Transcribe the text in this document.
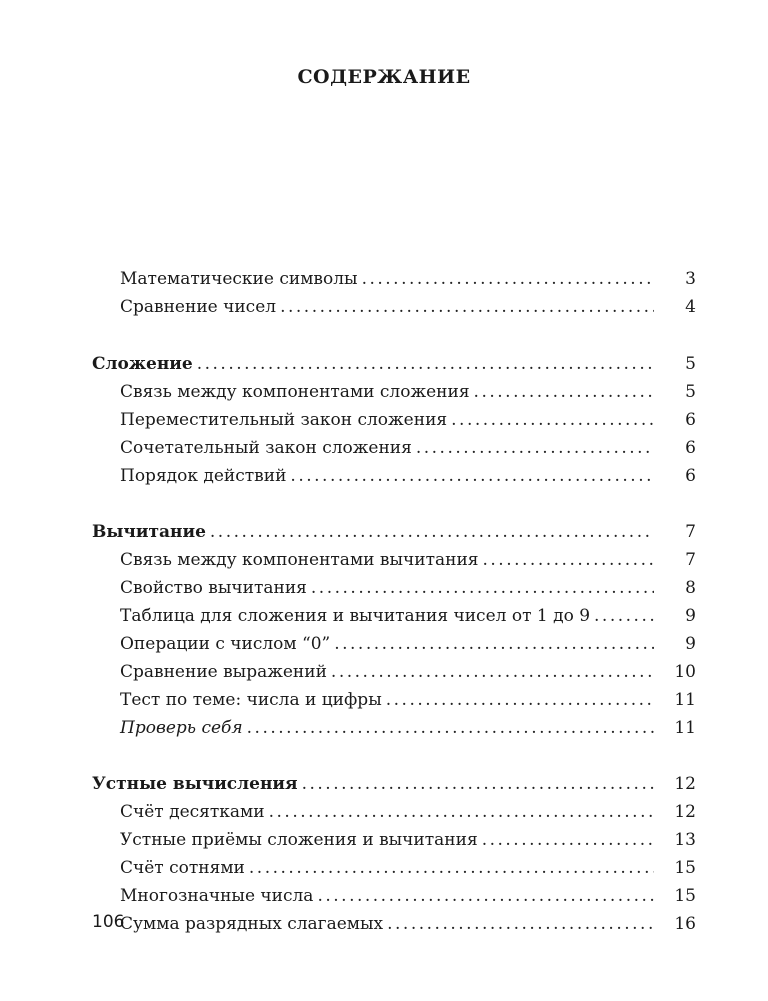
СОДЕРЖАНИЕ
Математические символы .....	3
Сравнение чисел .....	4
Сложение .....	5
Связь между компонентами сложения .....	5
Переместительный закон сложения .....	6
Сочетательный закон сложения .....	6
Порядок действий .....	6
Вычитание .....	7
Связь между компонентами вычитания .....	7
Свойство вычитания .....	8
Таблица для сложения и вычитания чисел от 1 до 9 .....	9
Операции с числом “0” .....	9
Сравнение выражений .....	10
Тест по теме: числа и цифры .....	11
Проверь себя .....	11
Устные вычисления .....	12
Счёт десятками .....	12
Устные приёмы сложения и вычитания .....	13
Счёт сотнями .....	15
Многозначные числа .....	15
Сумма разрядных слагаемых .....	16
106
